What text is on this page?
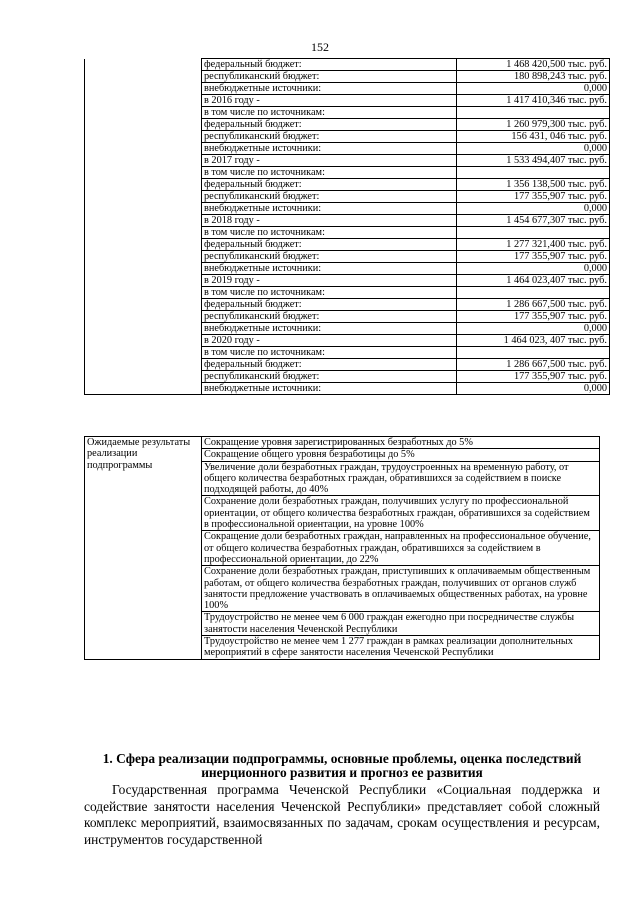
152
	федеральный бюджет:	1 468 420,500 тыс. руб.
	республиканский бюджет:	180 898,243 тыс. руб.
	внебюджетные источники:	0,000
	в 2016 году -	1 417 410,346 тыс. руб.
	в том числе по источникам:	
	федеральный бюджет:	1 260 979,300 тыс. руб.
	республиканский бюджет:	156 431, 046 тыс. руб.
	внебюджетные источники:	0,000
	в 2017 году -	1 533 494,407 тыс. руб.
	в том числе по источникам:	
	федеральный бюджет:	1 356 138,500 тыс. руб.
	республиканский бюджет:	177 355,907 тыс. руб.
	внебюджетные источники:	0,000
	в 2018 году -	1 454 677,307 тыс. руб.
	в том числе по источникам:	
	федеральный бюджет:	1 277 321,400 тыс. руб.
	республиканский бюджет:	177 355,907 тыс. руб.
	внебюджетные источники:	0,000
	в 2019 году -	1 464 023,407 тыс. руб.
	в том числе по источникам:	
	федеральный бюджет:	1 286 667,500 тыс. руб.
	республиканский бюджет:	177 355,907 тыс. руб.
	внебюджетные источники:	0,000
	в 2020 году -	1 464 023, 407 тыс. руб.
	в том числе по источникам:	
	федеральный бюджет:	1 286 667,500 тыс. руб.
	республиканский бюджет:	177 355,907 тыс. руб.
	внебюджетные источники:	0,000
Ожидаемые результаты реализации подпрограммы	Сокращение уровня зарегистрированных безработных до 5%
Сокращение общего уровня безработицы до 5%
Увеличение доли безработных граждан, трудоустроенных на временную работу, от общего количества безработных граждан, обратившихся за содействием в поиске подходящей работы, до 40%
Сохранение доли безработных граждан, получивших услугу по профессиональной ориентации, от общего количества безработных граждан, обратившихся за содействием в профессиональной ориентации, на уровне 100%
Сокращение доли безработных граждан, направленных на профессиональное обучение, от общего количества безработных граждан, обратившихся за содействием в профессиональной ориентации, до 22%
Сохранение доли безработных граждан, приступивших к оплачиваемым общественным работам, от общего количества безработных граждан, получивших от органов служб занятости предложение участвовать в оплачиваемых общественных работах, на уровне 100%
Трудоустройство не менее чем 6 000 граждан ежегодно при посредничестве службы занятости населения Чеченской Республики
Трудоустройство не менее чем 1 277 граждан в рамках реализации дополнительных мероприятий в сфере занятости населения Чеченской Республики
1. Сфера реализации подпрограммы, основные проблемы, оценка последствий инерционного развития и прогноз ее развития

Государственная программа Чеченской Республики «Социальная поддержка и содействие занятости населения Чеченской Республики» представляет собой сложный комплекс мероприятий, взаимосвязанных по задачам, срокам осуществления и ресурсам, инструментов государственной
